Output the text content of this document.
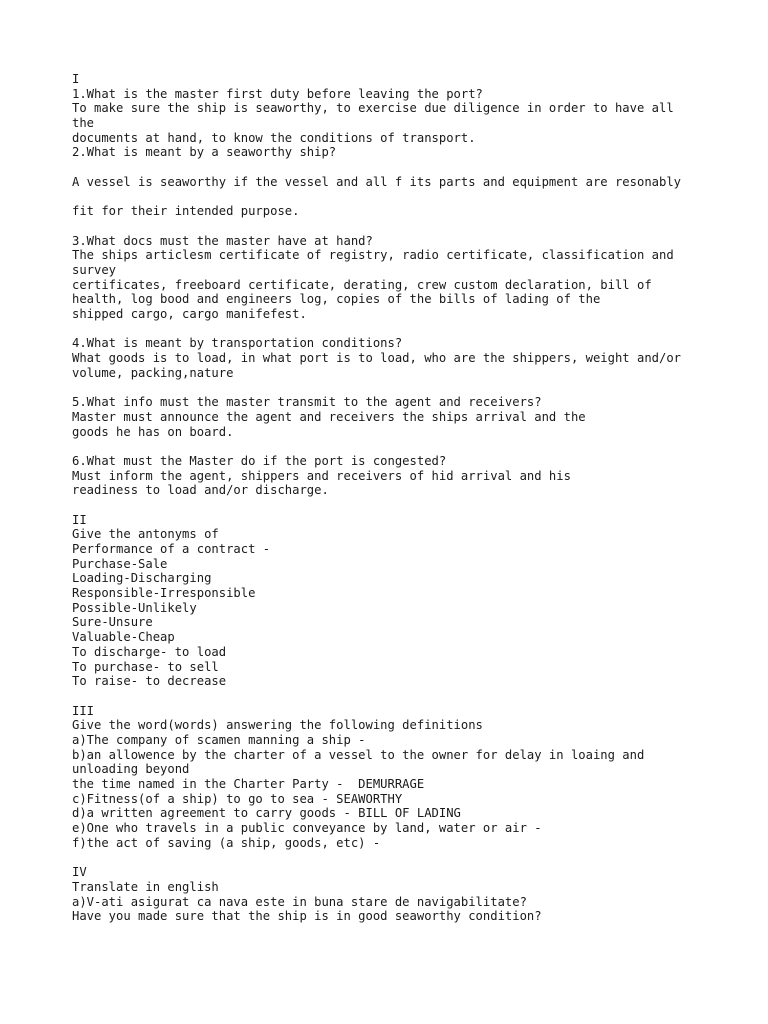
I
1.What is the master first duty before leaving the port?
To make sure the ship is seaworthy, to exercise due diligence in order to have all
the
documents at hand, to know the conditions of transport.
2.What is meant by a seaworthy ship?
A vessel is seaworthy if the vessel and all f its parts and equipment are resonably
fit for their intended purpose.
3.What docs must the master have at hand?
The ships articlesm certificate of registry, radio certificate, classification and
survey
certificates, freeboard certificate, derating, crew custom declaration, bill of
health, log bood and engineers log, copies of the bills of lading of the
shipped cargo, cargo manifefest.
4.What is meant by transportation conditions?
What goods is to load, in what port is to load, who are the shippers, weight and/or
volume, packing,nature
5.What info must the master transmit to the agent and receivers?
Master must announce the agent and receivers the ships arrival and the
goods he has on board.
6.What must the Master do if the port is congested?
Must inform the agent, shippers and receivers of hid arrival and his
readiness to load and/or discharge.
II
Give the antonyms of
Performance of a contract -
Purchase-Sale
Loading-Discharging
Responsible-Irresponsible
Possible-Unlikely
Sure-Unsure
Valuable-Cheap
To discharge- to load
To purchase- to sell
To raise- to decrease
III
Give the word(words) answering the following definitions
a)The company of scamen manning a ship -
b)an allowence by the charter of a vessel to the owner for delay in loaing and
unloading beyond
the time named in the Charter Party -  DEMURRAGE
c)Fitness(of a ship) to go to sea - SEAWORTHY
d)a written agreement to carry goods - BILL OF LADING
e)One who travels in a public conveyance by land, water or air -
f)the act of saving (a ship, goods, etc) -
IV
Translate in english
a)V-ati asigurat ca nava este in buna stare de navigabilitate?
Have you made sure that the ship is in good seaworthy condition?
